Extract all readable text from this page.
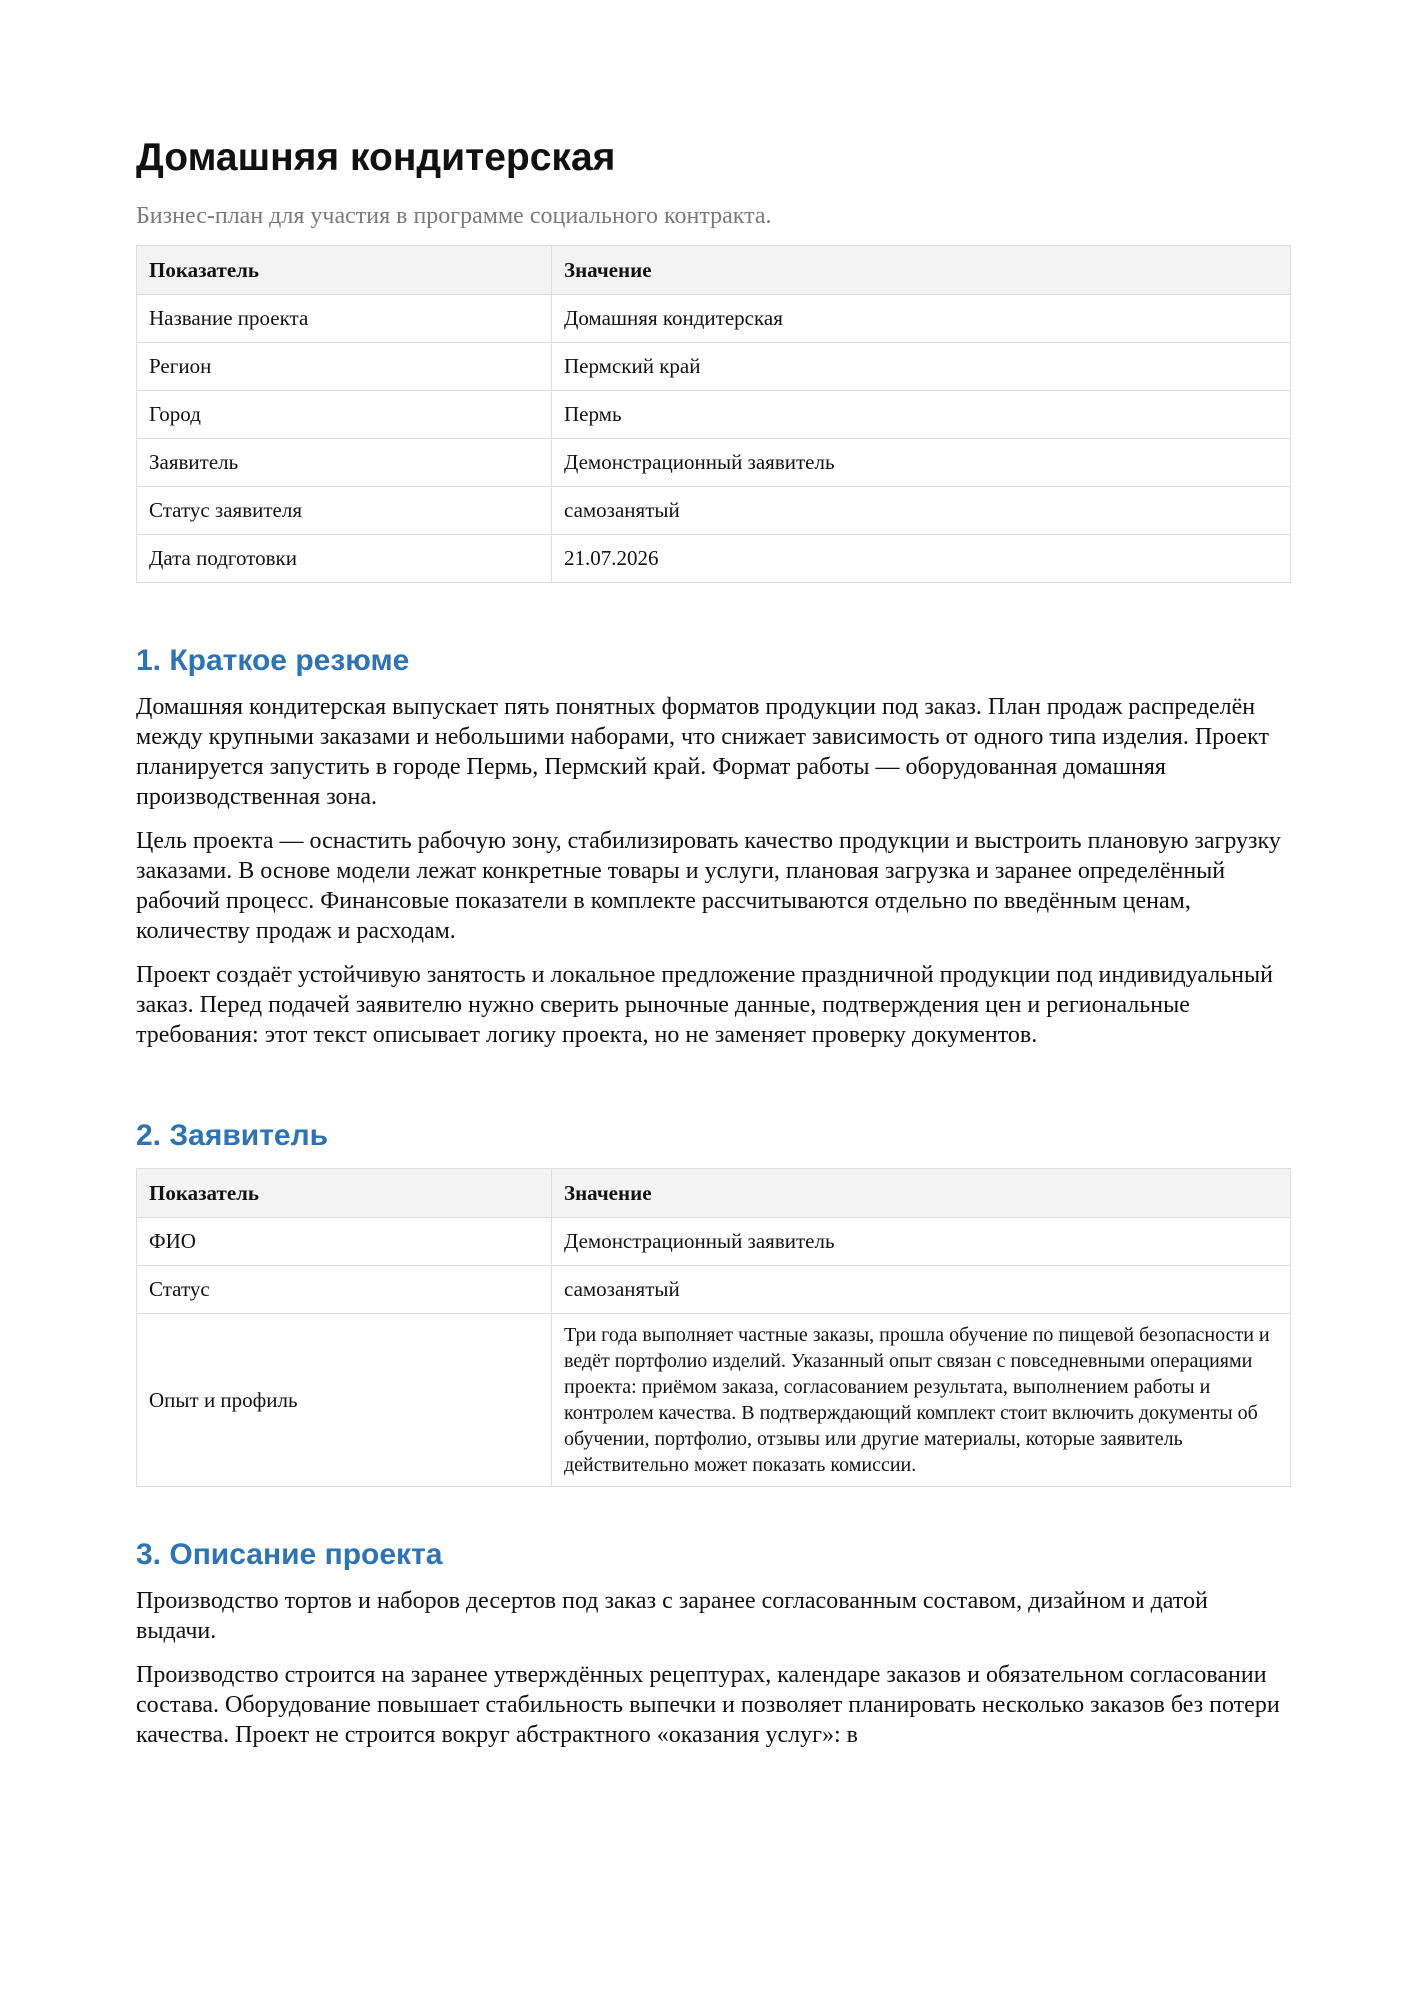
Домашняя кондитерская
Бизнес-план для участия в программе социального контракта.
Показатель	Значение
Название проекта	Домашняя кондитерская
Регион	Пермский край
Город	Пермь
Заявитель	Демонстрационный заявитель
Статус заявителя	самозанятый
Дата подготовки	21.07.2026
1. Краткое резюме

Домашняя кондитерская выпускает пять понятных форматов продукции под заказ. План продаж распределён между крупными заказами и небольшими наборами, что снижает зависимость от одного типа изделия. Проект планируется запустить в городе Пермь, Пермский край. Формат работы — оборудованная домашняя производственная зона.

Цель проекта — оснастить рабочую зону, стабилизировать качество продукции и выстроить плановую загрузку заказами. В основе модели лежат конкретные товары и услуги, плановая загрузка и заранее определённый рабочий процесс. Финансовые показатели в комплекте рассчитываются отдельно по введённым ценам, количеству продаж и расходам.

Проект создаёт устойчивую занятость и локальное предложение праздничной продукции под индивидуальный заказ. Перед подачей заявителю нужно сверить рыночные данные, подтверждения цен и региональные требования: этот текст описывает логику проекта, но не заменяет проверку документов.

2. Заявитель
Показатель	Значение
ФИО	Демонстрационный заявитель
Статус	самозанятый
Опыт и профиль	Три года выполняет частные заказы, прошла обучение по пищевой безопасности и ведёт портфолио изделий. Указанный опыт связан с повседневными операциями проекта: приёмом заказа, согласованием результата, выполнением работы и контролем качества. В подтверждающий комплект стоит включить документы об обучении, портфолио, отзывы или другие материалы, которые заявитель действительно может показать комиссии.
3. Описание проекта

Производство тортов и наборов десертов под заказ с заранее согласованным составом, дизайном и датой выдачи.

Производство строится на заранее утверждённых рецептурах, календаре заказов и обязательном согласовании состава. Оборудование повышает стабильность выпечки и позволяет планировать несколько заказов без потери качества. Проект не строится вокруг абстрактного «оказания услуг»: в
